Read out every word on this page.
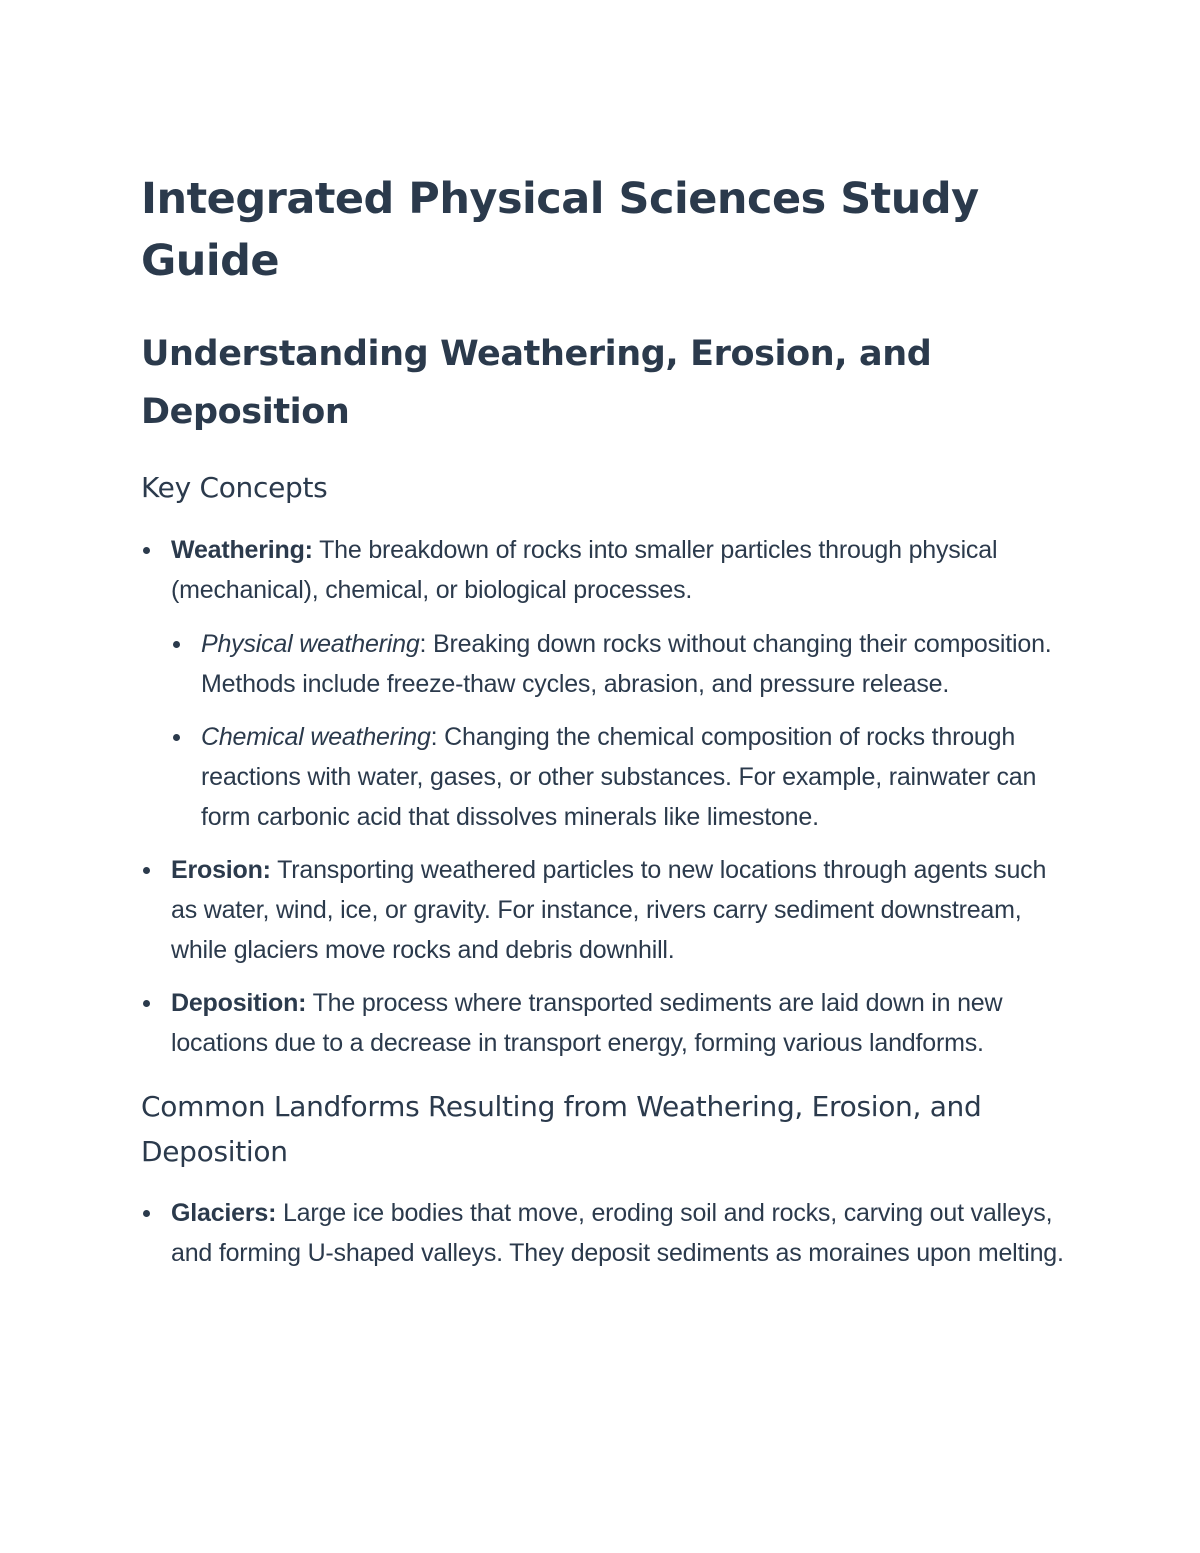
Integrated Physical Sciences Study Guide
Understanding Weathering, Erosion, and Deposition
Key Concepts
Weathering: The breakdown of rocks into smaller particles through physical (mechanical), chemical, or biological processes.
Physical weathering: Breaking down rocks without changing their composition. Methods include freeze-thaw cycles, abrasion, and pressure release.
Chemical weathering: Changing the chemical composition of rocks through reactions with water, gases, or other substances. For example, rainwater can form carbonic acid that dissolves minerals like limestone.
Erosion: Transporting weathered particles to new locations through agents such as water, wind, ice, or gravity. For instance, rivers carry sediment downstream, while glaciers move rocks and debris downhill.
Deposition: The process where transported sediments are laid down in new locations due to a decrease in transport energy, forming various landforms.
Common Landforms Resulting from Weathering, Erosion, and Deposition
Glaciers: Large ice bodies that move, eroding soil and rocks, carving out valleys, and forming U-shaped valleys. They deposit sediments as moraines upon melting.
